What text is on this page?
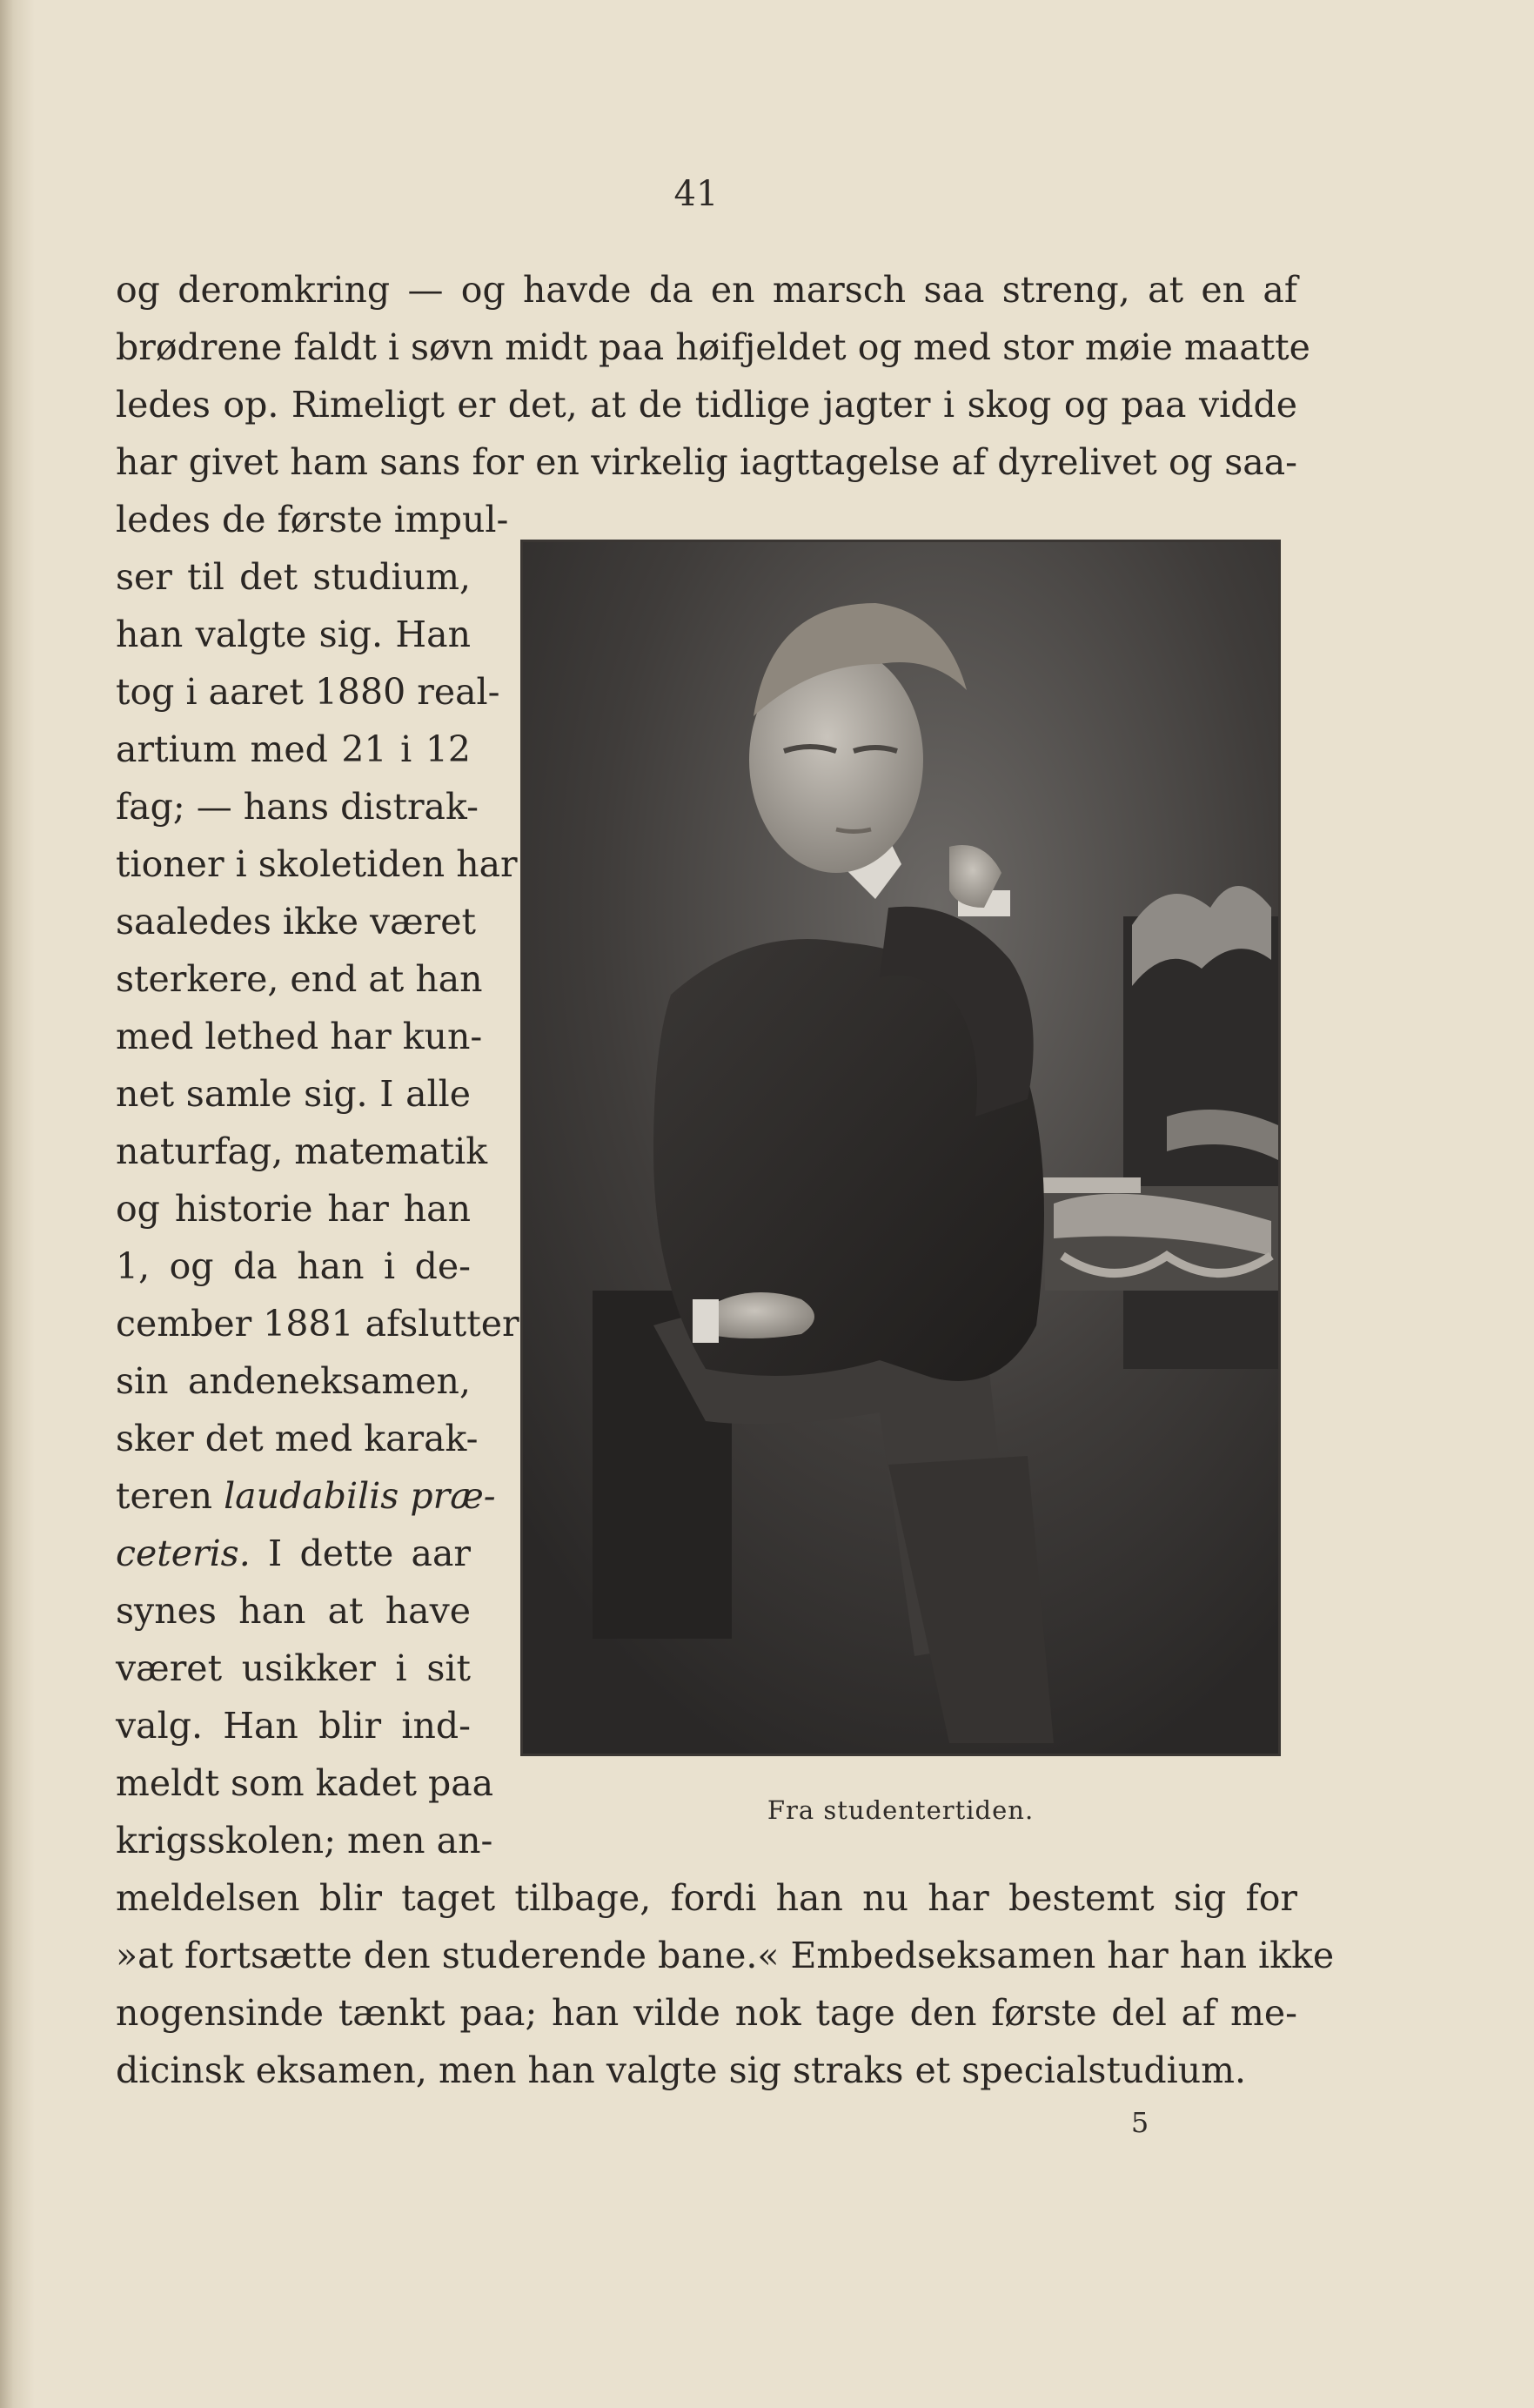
41
og deromkring — og havde da en marsch saa streng, at en af
brødrene faldt i søvn midt paa høifjeldet og med stor møie maatte
ledes op. Rimeligt er det, at de tidlige jagter i skog og paa vidde
har givet ham sans for en virkelig iagttagelse af dyrelivet og saa-
ledes de første impul-
ser til det studium,
han valgte sig. Han
tog i aaret 1880 real-
artium med 21 i 12
fag; — hans distrak-
tioner i skoletiden har
saaledes ikke været
sterkere, end at han
med lethed har kun-
net samle sig. I alle
naturfag, matematik
og historie har han
1, og da han i de-
cember 1881 afslutter
sin andeneksamen,
sker det med karak-
teren laudabilis præ-
ceteris. I dette aar
synes han at have
været usikker i sit
valg. Han blir ind-
meldt som kadet paa
krigsskolen; men an-
meldelsen blir taget tilbage, fordi han nu har bestemt sig for
»at fortsætte den studerende bane.« Embedseksamen har han ikke
nogensinde tænkt paa; han vilde nok tage den første del af me-
dicinsk eksamen, men han valgte sig straks et specialstudium.
Fra studentertiden.
5
